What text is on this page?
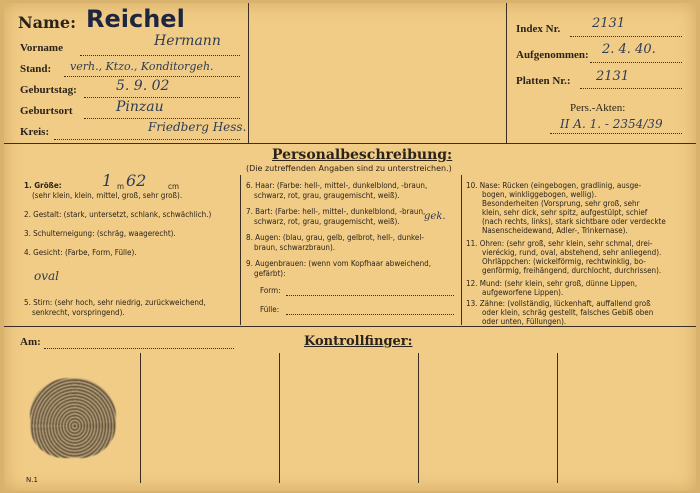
Name: Reichel
Vorname	Hermann
Stand: verh., Ktzo., Konditorgeh.
Geburtstag:	5. 9. 02
Geburtsort	Pinzau
Kreis:	Friedberg Hess.
Index Nr. 2131
Aufgenommen: 2. 4. 40.
Platten Nr.: 2131
Pers.-Akten:
II A. 1. - 2354/39
Personalbeschreibung:
(Die zutreffenden Angaben sind zu unterstreichen.)
1. Größe:	m	cm
1 62
(sehr klein, klein, mittel, groß, sehr groß).
2. Gestalt: (stark, untersetzt, schlank, schwächlich.)
3. Schulterneigung: (schräg, waagerecht).
4. Gesicht: (Farbe, Form, Fülle).
oval
5. Stirn: (sehr hoch, sehr niedrig, zurückweichend,
senkrecht, vorspringend).
6. Haar: (Farbe: hell-, mittel-, dunkelblond, -braun,
schwarz, rot, grau, graugemischt, weiß).
7. Bart: (Farbe: hell-, mittel-, dunkelblond, -braun,
schwarz, rot, grau, graugemischt, weiß). gek.
8. Augen: (blau, grau, gelb, gelbrot, hell-, dunkel-
braun, schwarzbraun).
9. Augenbrauen: (wenn vom Kopfhaar abweichend,
gefärbt):
Form:
Fülle:
10. Nase: Rücken (eingebogen, gradlinig, ausge-
bogen, winkliggebogen, wellig).
Besonderheiten (Vorsprung, sehr groß, sehr
klein, sehr dick, sehr spitz, aufgestülpt, schief
(nach rechts, links), stark sichtbare oder verdeckte
Nasenscheidewand, Adler-, Trinkernase).
11. Ohren: (sehr groß, sehr klein, sehr schmal, drei-
vieréckig, rund, oval, abstehend, sehr anliegend).
Ohrläppchen: (wickelförmig, rechtwinklig, bo-
genförmig, freihängend, durchlocht, durchrissen).
12. Mund: (sehr klein, sehr groß, dünne Lippen,
aufgeworfene Lippen).
13. Zähne: (vollständig, lückenhaft, auffallend groß
oder klein, schräg gestellt, falsches Gebiß oben
oder unten, Füllungen).
Am:	Kontrollfinger:
N.1
